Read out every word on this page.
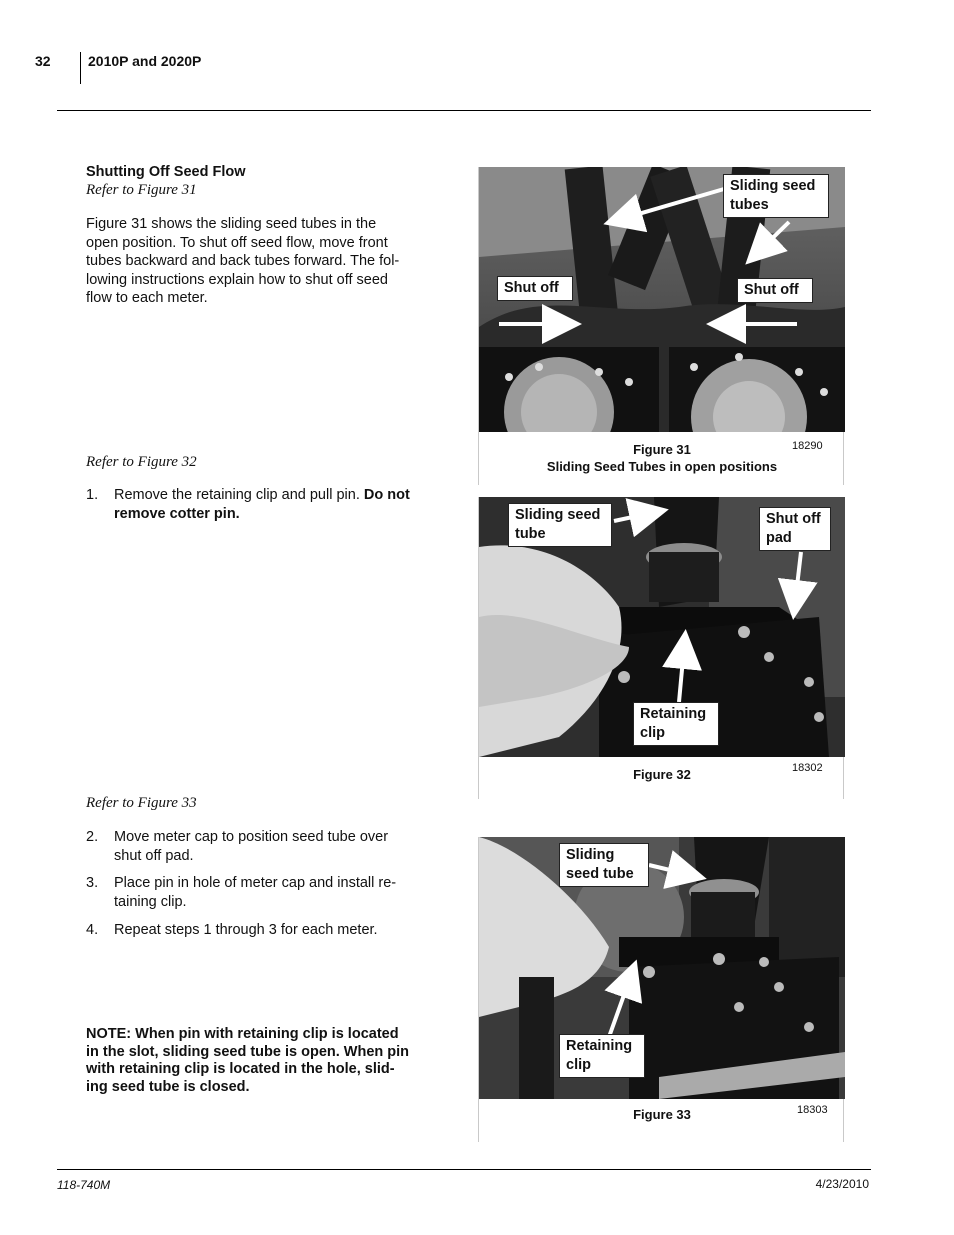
32	2010P and 2020P
Shutting Off Seed Flow
Refer to Figure 31
Figure 31 shows the sliding seed tubes in the
open position. To shut off seed flow, move front
tubes backward and back tubes forward. The fol-
lowing instructions explain how to shut off seed
flow to each meter.
Refer to Figure 32
1. Remove the retaining clip and pull pin. Do not remove cotter pin.
Refer to Figure 33
2. Move meter cap to position seed tube over
shut off pad.
3. Place pin in hole of meter cap and install re-
taining clip.
4. Repeat steps 1 through 3 for each meter.
NOTE: When pin with retaining clip is located
in the slot, sliding seed tube is open. When pin
with retaining clip is located in the hole, slid-
ing seed tube is closed.
Sliding seed
tubes
Shut off	Shut off
Figure 31
Sliding Seed Tubes in open positions
18290
Sliding seed
tube
Shut off
pad
Retaining
clip
Figure 32	18302
Sliding
seed tube
Retaining
clip
Figure 33	18303
118-740M	4/23/2010
